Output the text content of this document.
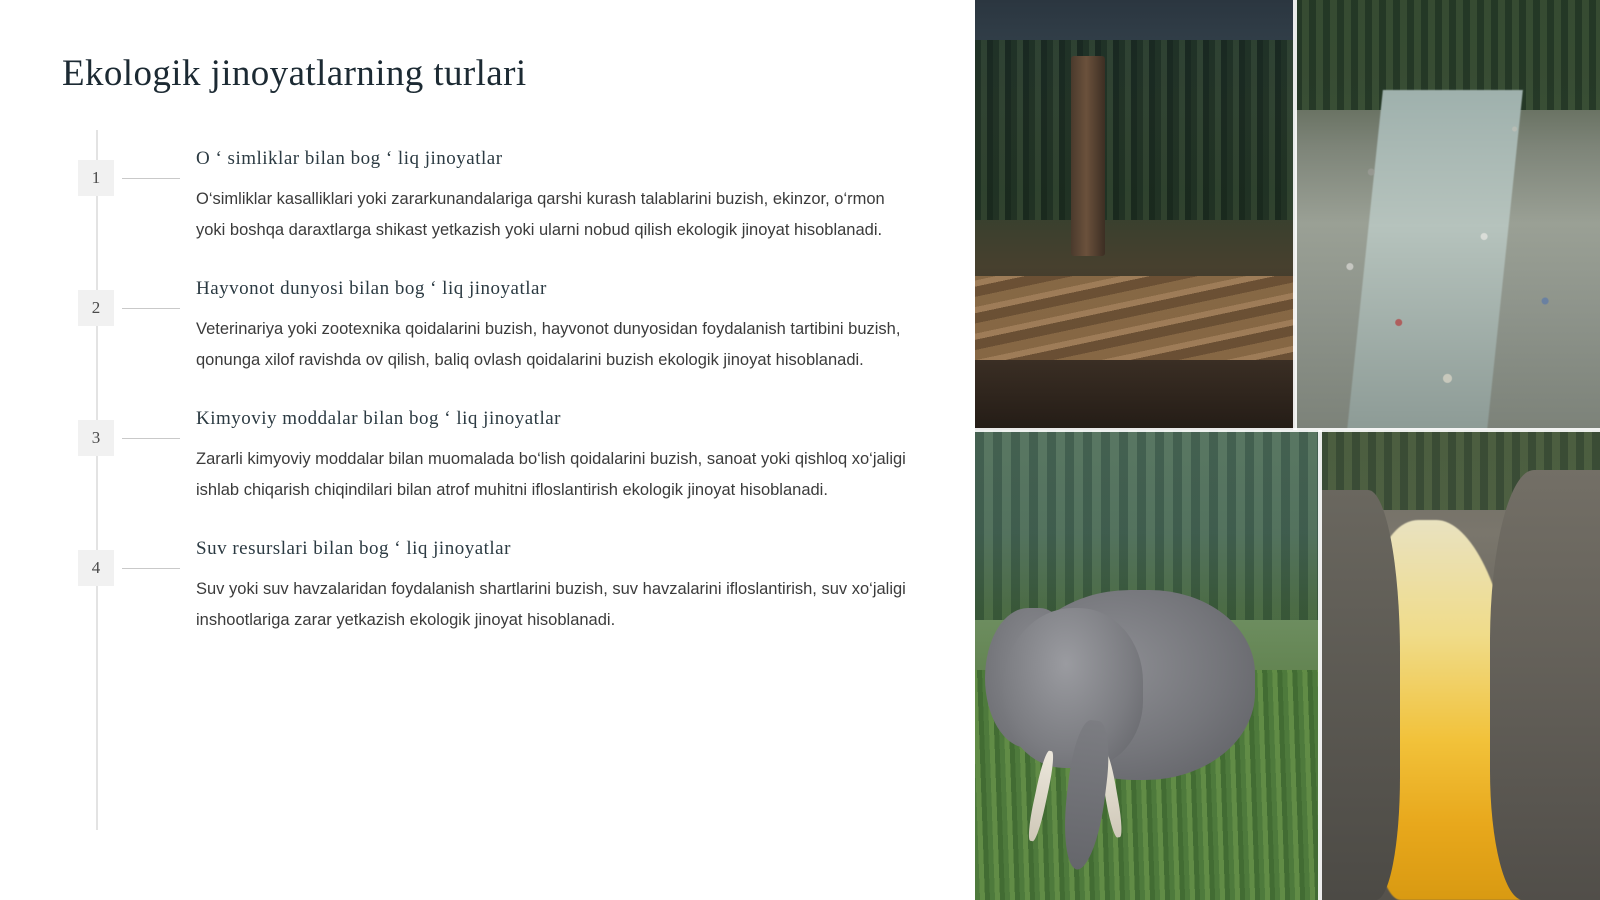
Ekologik jinoyatlarning turlari
1

O ‘ simliklar bilan bog ‘ liq jinoyatlar

O‘simliklar kasalliklari yoki zararkunandalariga qarshi kurash talablarini buzish, ekinzor, o‘rmon yoki boshqa daraxtlarga shikast yetkazish yoki ularni nobud qilish ekologik jinoyat hisoblanadi.

2

Hayvonot dunyosi bilan bog ‘ liq jinoyatlar

Veterinariya yoki zootexnika qoidalarini buzish, hayvonot dunyosidan foydalanish tartibini buzish, qonunga xilof ravishda ov qilish, baliq ovlash qoidalarini buzish ekologik jinoyat hisoblanadi.

3

Kimyoviy moddalar bilan bog ‘ liq jinoyatlar

Zararli kimyoviy moddalar bilan muomalada bo‘lish qoidalarini buzish, sanoat yoki qishloq xo‘jaligi ishlab chiqarish chiqindilari bilan atrof muhitni ifloslantirish ekologik jinoyat hisoblanadi.

4

Suv resurslari bilan bog ‘ liq jinoyatlar

Suv yoki suv havzalaridan foydalanish shartlarini buzish, suv havzalarini ifloslantirish, suv xo‘jaligi inshootlariga zarar yetkazish ekologik jinoyat hisoblanadi.
